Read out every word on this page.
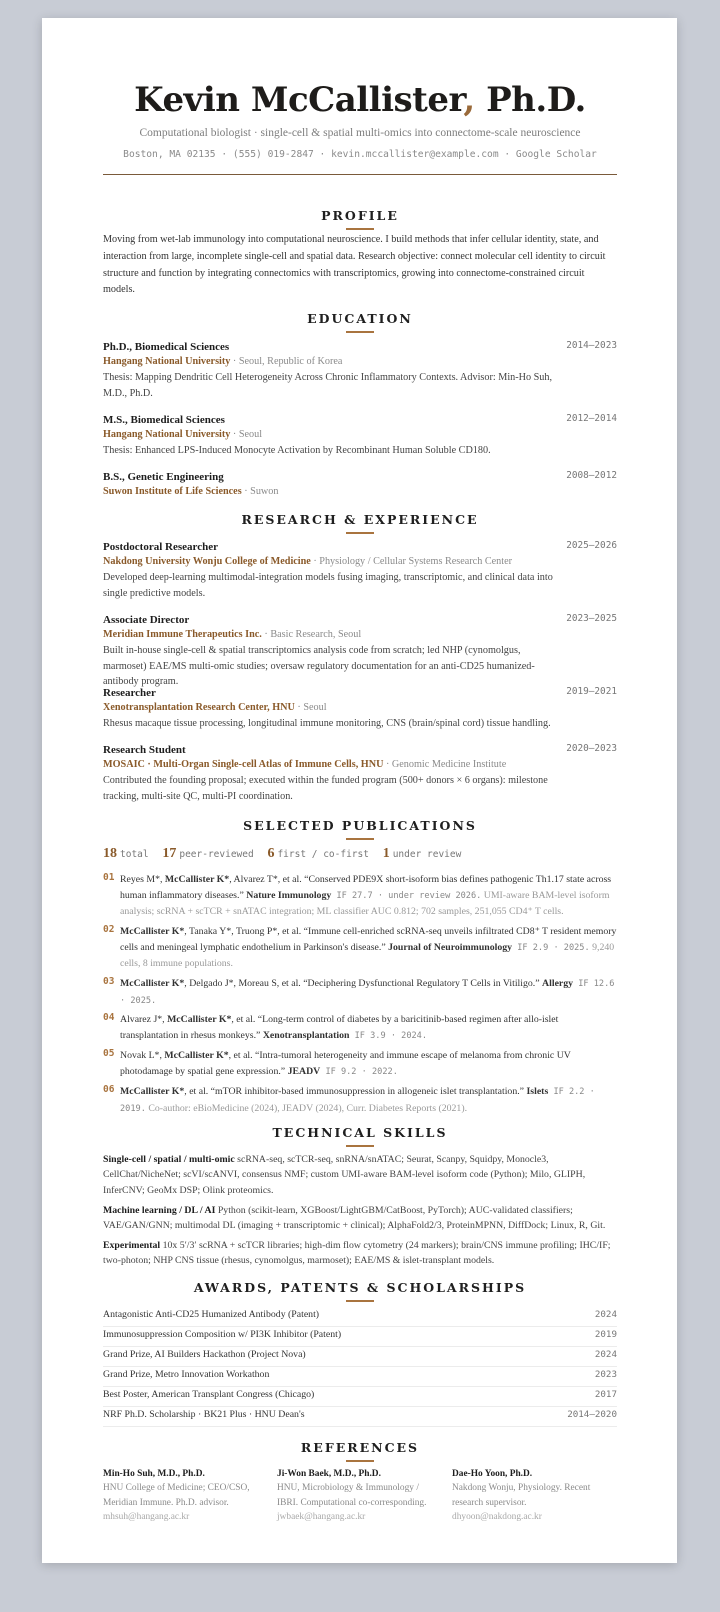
Kevin McCallister, Ph.D.
Computational biologist · single-cell & spatial multi-omics into connectome-scale neuroscience
Boston, MA 02135 · (555) 019-2847 · kevin.mccallister@example.com · Google Scholar
PROFILE
Moving from wet-lab immunology into computational neuroscience. I build methods that infer cellular identity, state, and interaction from large, incomplete single-cell and spatial data. Research objective: connect molecular cell identity to circuit structure and function by integrating connectomics with transcriptomics, growing into connectome-constrained circuit models.
EDUCATION
Ph.D., Biomedical Sciences	2014–2023
Hangang National University · Seoul, Republic of Korea
Thesis: Mapping Dendritic Cell Heterogeneity Across Chronic Inflammatory Contexts. Advisor: Min-Ho Suh, M.D., Ph.D.
M.S., Biomedical Sciences	2012–2014
Hangang National University · Seoul
Thesis: Enhanced LPS-Induced Monocyte Activation by Recombinant Human Soluble CD180.
B.S., Genetic Engineering	2008–2012
Suwon Institute of Life Sciences · Suwon
RESEARCH & EXPERIENCE
Postdoctoral Researcher	2025–2026
Nakdong University Wonju College of Medicine · Physiology / Cellular Systems Research Center
Developed deep-learning multimodal-integration models fusing imaging, transcriptomic, and clinical data into single predictive models.
Associate Director	2023–2025
Meridian Immune Therapeutics Inc. · Basic Research, Seoul
Built in-house single-cell & spatial transcriptomics analysis code from scratch; led NHP (cynomolgus, marmoset) EAE/MS multi-omic studies; oversaw regulatory documentation for an anti-CD25 humanized-antibody program.
Researcher	2019–2021
Xenotransplantation Research Center, HNU · Seoul
Rhesus macaque tissue processing, longitudinal immune monitoring, CNS (brain/spinal cord) tissue handling.
Research Student	2020–2023
MOSAIC · Multi-Organ Single-cell Atlas of Immune Cells, HNU · Genomic Medicine Institute
Contributed the founding proposal; executed within the funded program (500+ donors × 6 organs): milestone tracking, multi-site QC, multi-PI coordination.
SELECTED PUBLICATIONS
18 total 17 peer-reviewed 6 first / co-first 1 under review
01 Reyes M*, McCallister K*, Alvarez T*, et al. “Conserved PDE9X short-isoform bias defines pathogenic Th1.17 state across human inflammatory diseases.” Nature Immunology IF 27.7 · under review 2026. UMI-aware BAM-level isoform analysis; scRNA + scTCR + snATAC integration; ML classifier AUC 0.812; 702 samples, 251,055 CD4⁺ T cells.
02 McCallister K*, Tanaka Y*, Truong P*, et al. “Immune cell-enriched scRNA-seq unveils infiltrated CD8⁺ T resident memory cells and meningeal lymphatic endothelium in Parkinson's disease.” Journal of Neuroimmunology IF 2.9 · 2025. 9,240 cells, 8 immune populations.
03 McCallister K*, Delgado J*, Moreau S, et al. “Deciphering Dysfunctional Regulatory T Cells in Vitiligo.” Allergy IF 12.6 · 2025.
04 Alvarez J*, McCallister K*, et al. “Long-term control of diabetes by a baricitinib-based regimen after allo-islet transplantation in rhesus monkeys.” Xenotransplantation IF 3.9 · 2024.
05 Novak L*, McCallister K*, et al. “Intra-tumoral heterogeneity and immune escape of melanoma from chronic UV photodamage by spatial gene expression.” JEADV IF 9.2 · 2022.
06 McCallister K*, et al. “mTOR inhibitor-based immunosuppression in allogeneic islet transplantation.” Islets IF 2.2 · 2019. Co-author: eBioMedicine (2024), JEADV (2024), Curr. Diabetes Reports (2021).
TECHNICAL SKILLS
Single-cell / spatial / multi-omic scRNA-seq, scTCR-seq, snRNA/snATAC; Seurat, Scanpy, Squidpy, Monocle3, CellChat/NicheNet; scVI/scANVI, consensus NMF; custom UMI-aware BAM-level isoform code (Python); Milo, GLIPH, InferCNV; GeoMx DSP; Olink proteomics.
Machine learning / DL / AI Python (scikit-learn, XGBoost/LightGBM/CatBoost, PyTorch); AUC-validated classifiers; VAE/GAN/GNN; multimodal DL (imaging + transcriptomic + clinical); AlphaFold2/3, ProteinMPNN, DiffDock; Linux, R, Git.
Experimental 10x 5′/3′ scRNA + scTCR libraries; high-dim flow cytometry (24 markers); brain/CNS immune profiling; IHC/IF; two-photon; NHP CNS tissue (rhesus, cynomolgus, marmoset); EAE/MS & islet-transplant models.
AWARDS, PATENTS & SCHOLARSHIPS
Antagonistic Anti-CD25 Humanized Antibody (Patent)	2024
Immunosuppression Composition w/ PI3K Inhibitor (Patent)	2019
Grand Prize, AI Builders Hackathon (Project Nova)	2024
Grand Prize, Metro Innovation Workathon	2023
Best Poster, American Transplant Congress (Chicago)	2017
NRF Ph.D. Scholarship · BK21 Plus · HNU Dean's	2014–2020
REFERENCES
Min-Ho Suh, M.D., Ph.D.
HNU College of Medicine; CEO/CSO, Meridian Immune. Ph.D. advisor.
mhsuh@hangang.ac.kr
Ji-Won Baek, M.D., Ph.D.
HNU, Microbiology & Immunology / IBRI. Computational co-corresponding.
jwbaek@hangang.ac.kr
Dae-Ho Yoon, Ph.D.
Nakdong Wonju, Physiology. Recent research supervisor.
dhyoon@nakdong.ac.kr
